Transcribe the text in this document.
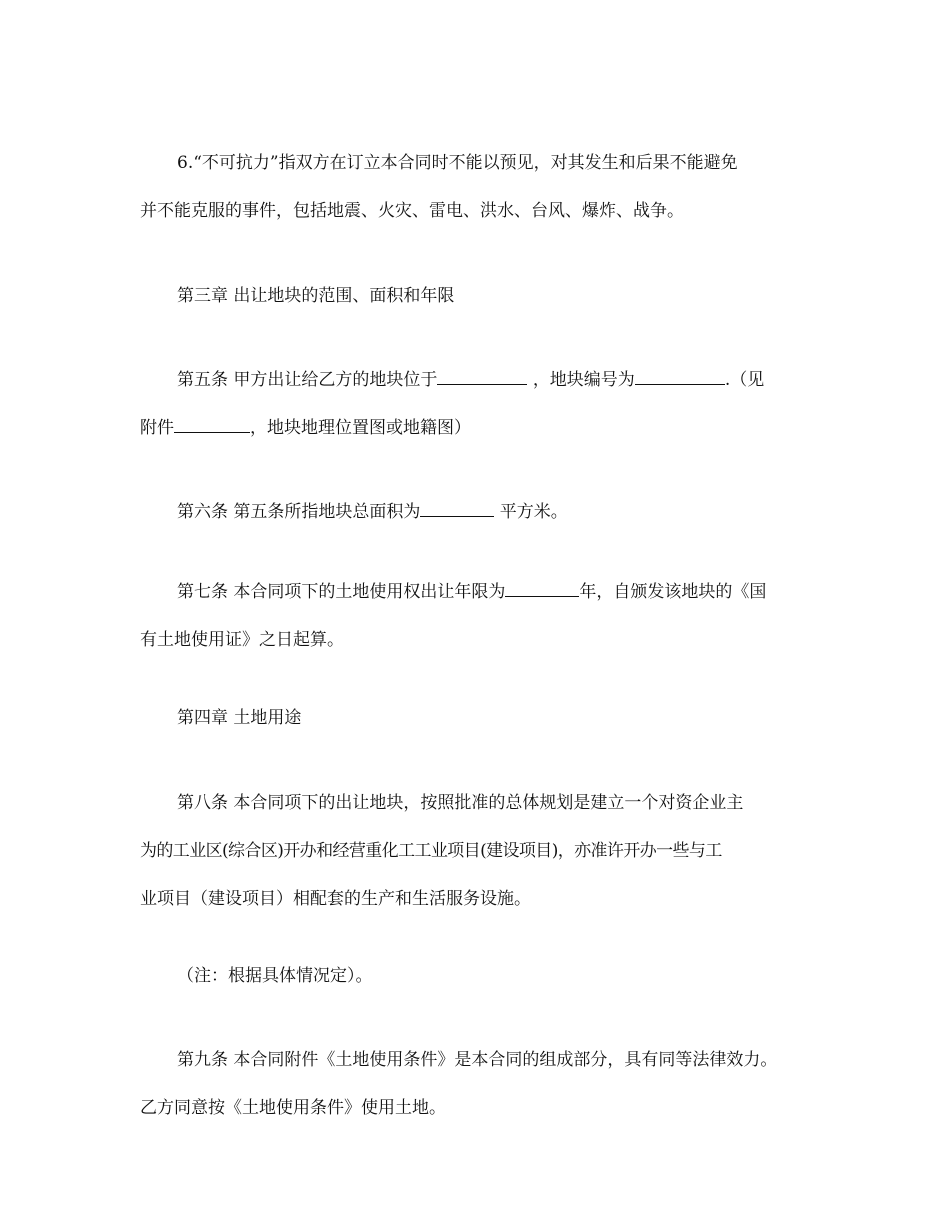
6.“不可抗力”指双方在订立本合同时不能以预见，对其发生和后果不能避免
并不能克服的事件，包括地震、火灾、雷电、洪水、台风、爆炸、战争。
第三章 出让地块的范围、面积和年限
第五条 甲方出让给乙方的地块位于	，地块编号为	.（见
附件	，地块地理位置图或地籍图）
第六条 第五条所指地块总面积为	平方米。
第七条 本合同项下的土地使用权出让年限为	年，自颁发该地块的《国
有土地使用证》之日起算。
第四章 土地用途
第八条 本合同项下的出让地块，按照批准的总体规划是建立一个对资企业主
为的工业区(综合区)开办和经营重化工工业项目(建设项目)，亦准许开办一些与工
业项目（建设项目）相配套的生产和生活服务设施。
（注：根据具体情况定）。
第九条 本合同附件《土地使用条件》是本合同的组成部分，具有同等法律效力。
乙方同意按《土地使用条件》使用土地。
